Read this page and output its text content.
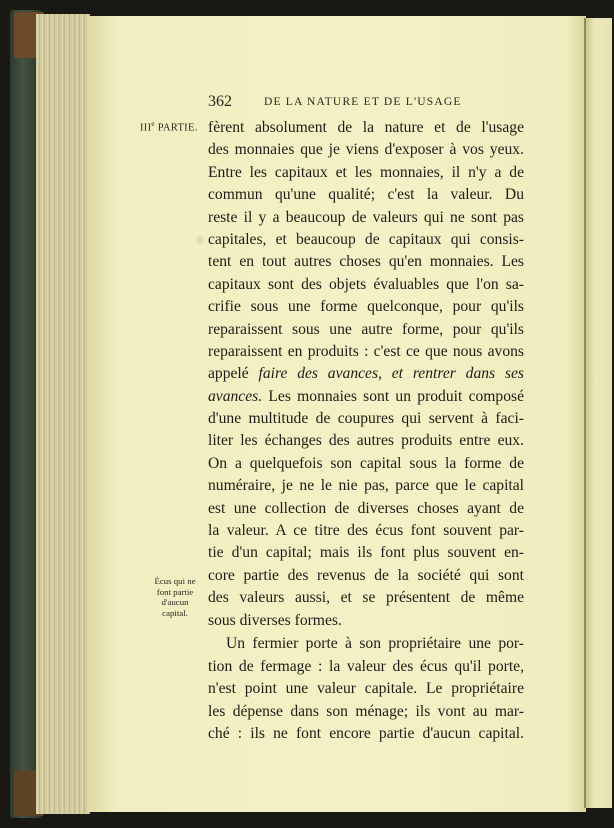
362	DE LA NATURE ET DE L'USAGE
IIIe PARTIE. fèrent absolument de la nature et de l'usage
des monnaies que je viens d'exposer à vos yeux.
Entre les capitaux et les monnaies, il n'y a de
commun qu'une qualité; c'est la valeur. Du
reste il y a beaucoup de valeurs qui ne sont pas
capitales, et beaucoup de capitaux qui consis-
tent en tout autres choses qu'en monnaies. Les
capitaux sont des objets évaluables que l'on sa-
crifie sous une forme quelconque, pour qu'ils
reparaissent sous une autre forme, pour qu'ils
reparaissent en produits : c'est ce que nous avons
appelé faire des avances, et rentrer dans ses
avances. Les monnaies sont un produit composé
d'une multitude de coupures qui servent à faci-
liter les échanges des autres produits entre eux.
On a quelquefois son capital sous la forme de
numéraire, je ne le nie pas, parce que le capital
est une collection de diverses choses ayant de
la valeur. A ce titre des écus font souvent par-
tie d'un capital; mais ils font plus souvent en-
core partie des revenus de la société qui sont
des valeurs aussi, et se présentent de même
sous diverses formes.
Un fermier porte à son propriétaire une por-
tion de fermage : la valeur des écus qu'il porte,
n'est point une valeur capitale. Le propriétaire
les dépense dans son ménage; ils vont au mar-
ché : ils ne font encore partie d'aucun capital.
Écus qui ne
font partie
d'aucun
capital.
